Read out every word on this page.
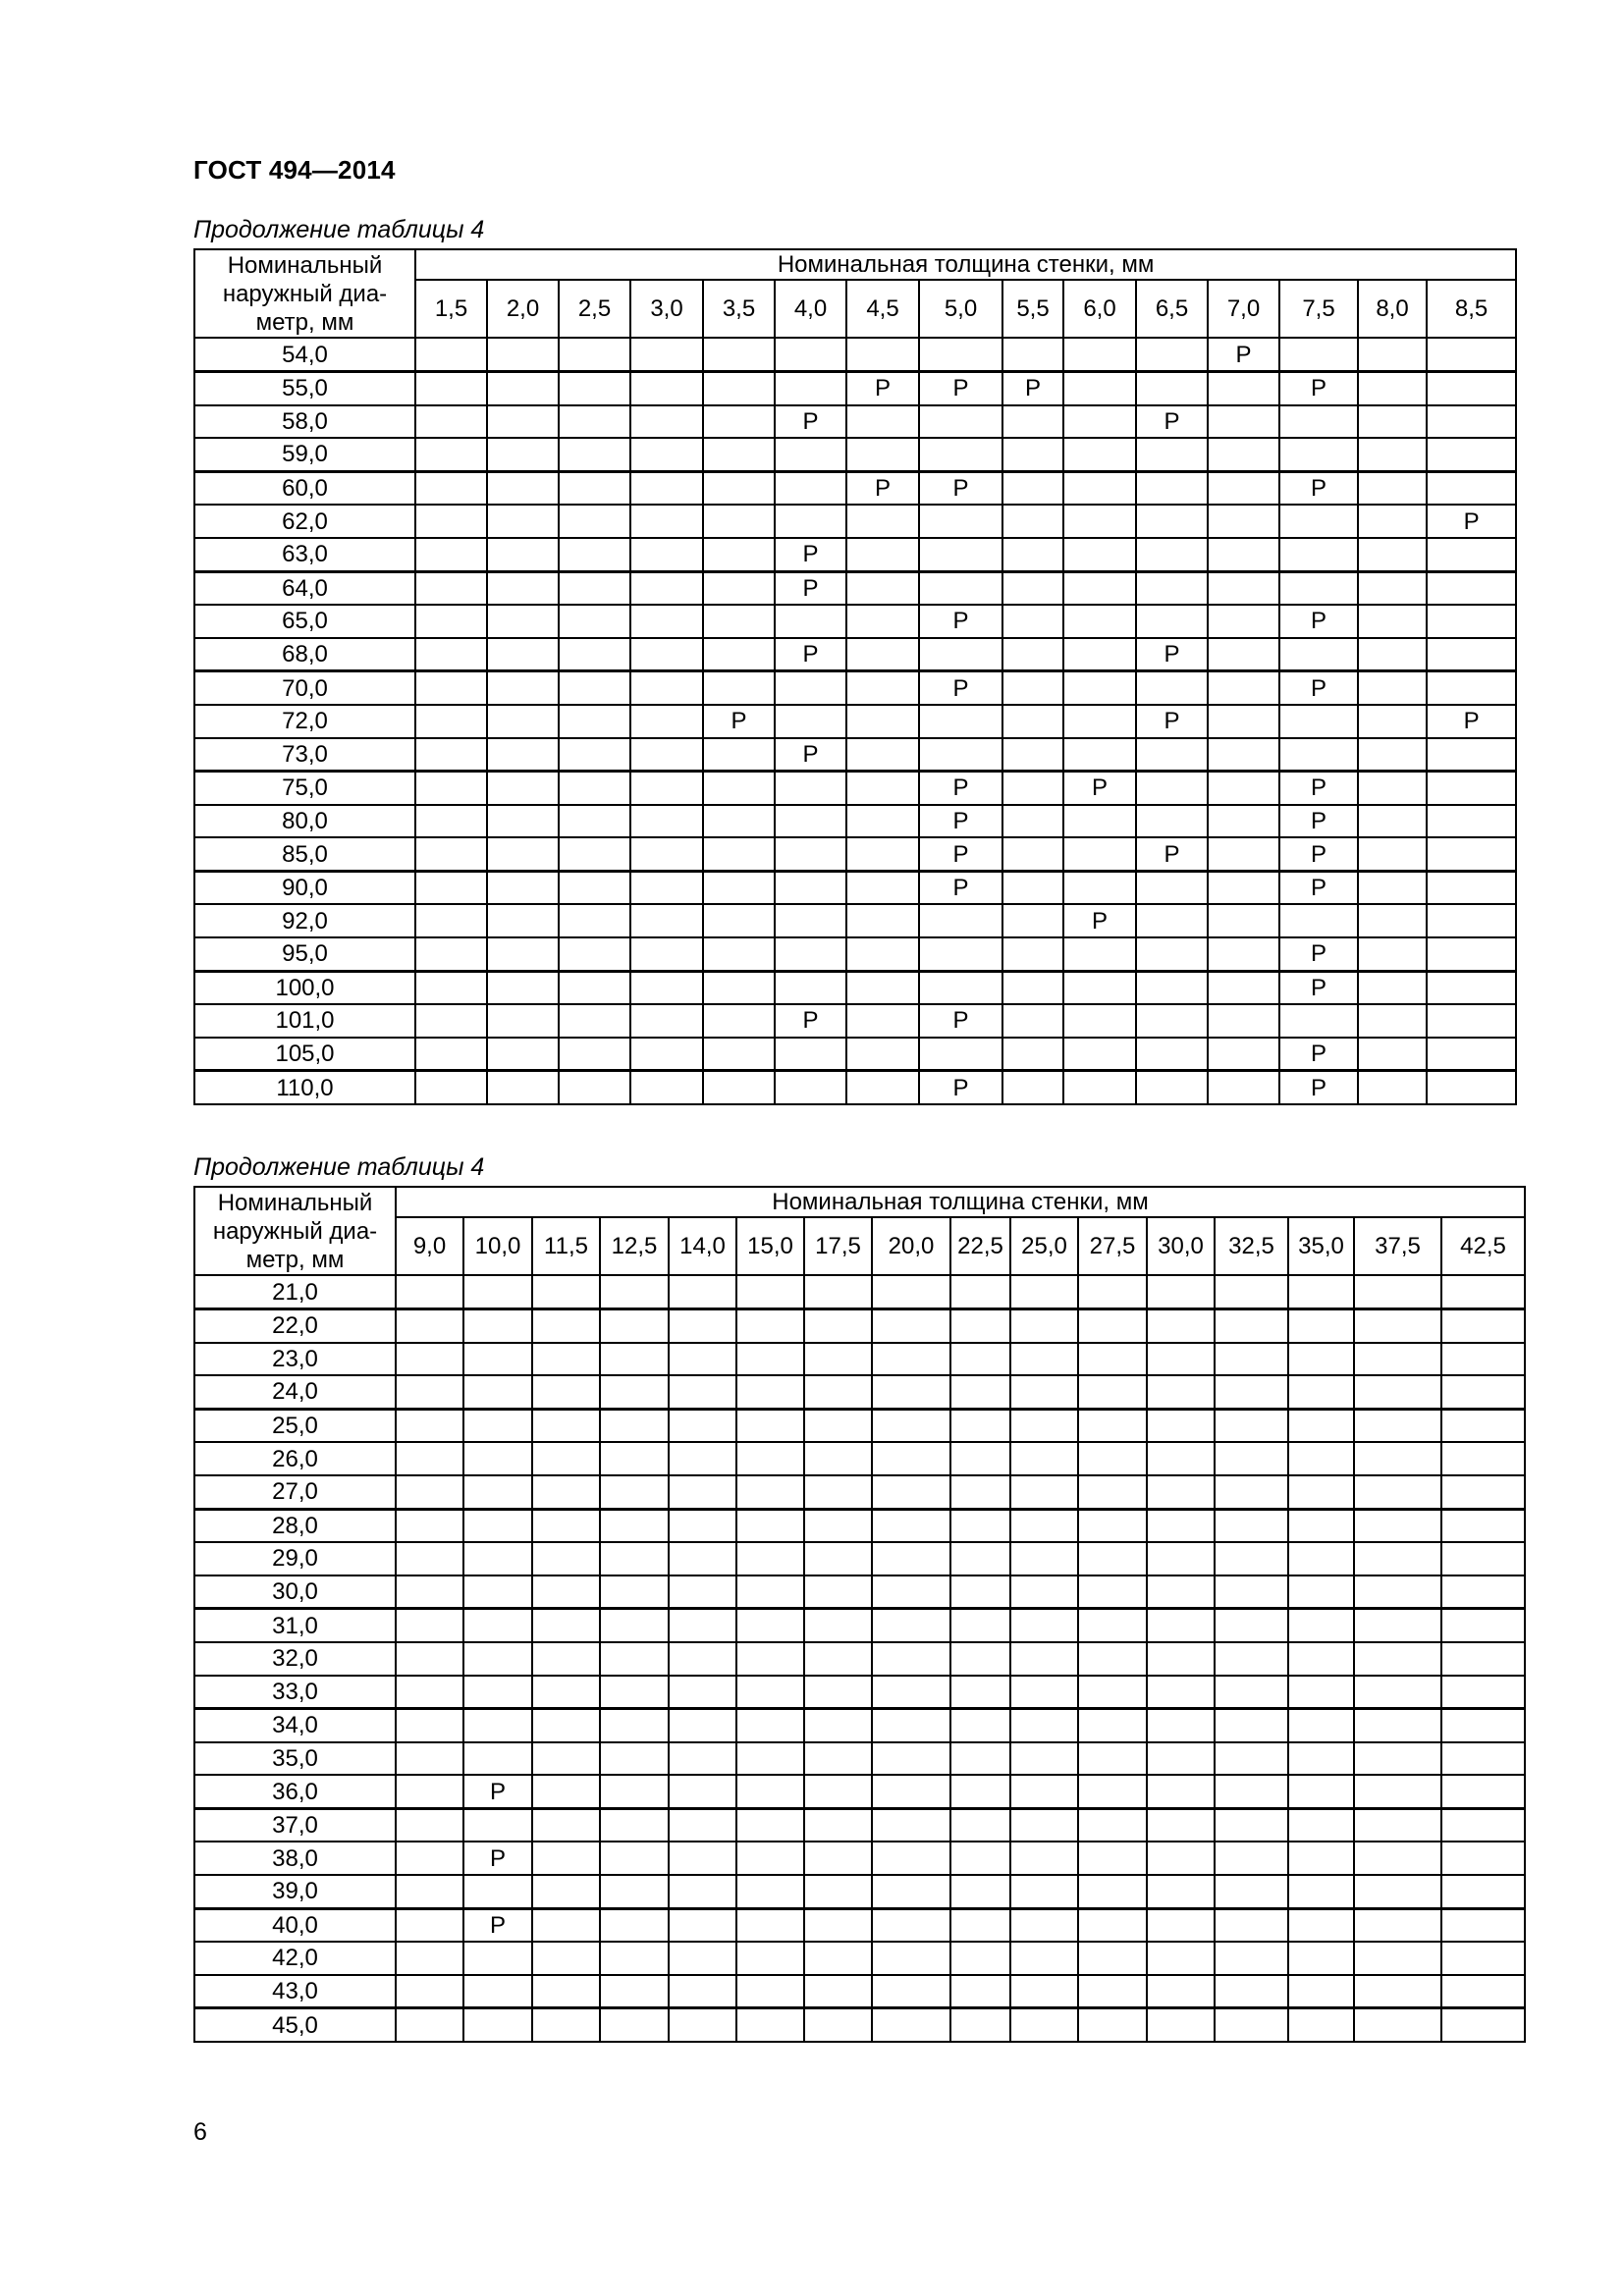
ГОСТ 494—2014
Продолжение таблицы 4
Номинальный
наружный диа-
метр, мм	Номинальная толщина стенки, мм														
	1,5	2,0	2,5	3,0	3,5	4,0	4,5	5,0	5,5	6,0	6,5	7,0	7,5	8,0	8,5
54,0												P			
55,0							P	P	P				P		
58,0						P					P				
59,0															
60,0							P	P					P		
62,0															P
63,0						P									
64,0						P									
65,0								P					P		
68,0						P					P				
70,0								P					P		
72,0					P						P				P
73,0						P									
75,0								P		P			P		
80,0								P					P		
85,0								P			P		P		
90,0								P					P		
92,0										P					
95,0													P		
100,0													P		
101,0						P		P							
105,0													P		
110,0								P					P		
Продолжение таблицы 4
Номинальный
наружный диа-
метр, мм	Номинальная толщина стенки, мм															
	9,0	10,0	11,5	12,5	14,0	15,0	17,5	20,0	22,5	25,0	27,5	30,0	32,5	35,0	37,5	42,5
21,0																
22,0																
23,0																
24,0																
25,0																
26,0																
27,0																
28,0																
29,0																
30,0																
31,0																
32,0																
33,0																
34,0																
35,0																
36,0		P														
37,0																
38,0		P														
39,0																
40,0		P														
42,0																
43,0																
45,0																
6
